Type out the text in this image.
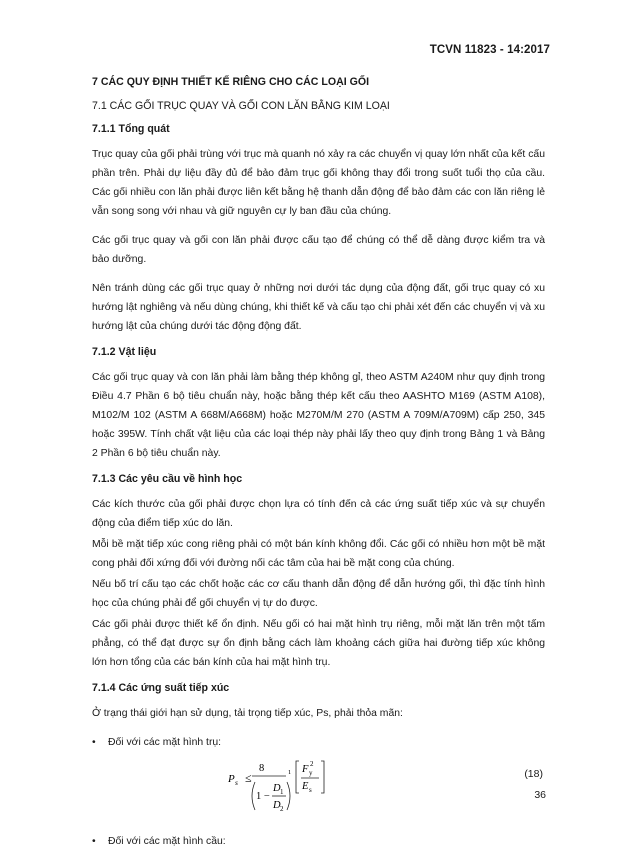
TCVN 11823 - 14:2017
7 CÁC QUY ĐỊNH THIẾT KẾ RIÊNG CHO CÁC LOẠI GỐI
7.1 CÁC GỐI TRỤC QUAY VÀ GỐI CON LĂN BẰNG KIM LOẠI
7.1.1 Tổng quát
Trục quay của gối phải trùng với trục mà quanh nó xảy ra các chuyển vị quay lớn nhất của kết cấu phần trên. Phải dự liệu đầy đủ để bảo đảm trục gối không thay đổi trong suốt tuổi thọ của cầu. Các gối nhiều con lăn phải được liên kết bằng hệ thanh dẫn động để bảo đảm các con lăn riêng lẻ vẫn song song với nhau và giữ nguyên cự ly ban đầu của chúng.
Các gối trục quay và gối con lăn phải được cấu tạo để chúng có thể dễ dàng được kiểm tra và bảo dưỡng.
Nên tránh dùng các gối trục quay ở những nơi dưới tác dụng của động đất, gối trục quay có xu hướng lật nghiêng và nếu dùng chúng, khi thiết kế và cấu tạo chi phải xét đến các chuyển vị và xu hướng lật của chúng dưới tác động động đất.
7.1.2 Vật liệu
Các gối trục quay và con lăn phải làm bằng thép không gỉ, theo ASTM A240M như quy định trong Điều 4.7 Phần 6 bộ tiêu chuẩn này, hoặc bằng thép kết cấu theo AASHTO M169 (ASTM A108), M102/M 102 (ASTM A 668M/A668M) hoặc M270M/M 270 (ASTM A 709M/A709M) cấp 250, 345 hoặc 395W. Tính chất vật liệu của các loại thép này phải lấy theo quy định trong Bảng 1 và Bảng 2 Phần 6 bộ tiêu chuẩn này.
7.1.3 Các yêu cầu về hình học
Các kích thước của gối phải được chọn lựa có tính đến cả các ứng suất tiếp xúc và sự chuyển động của điểm tiếp xúc do lăn.
Mỗi bề mặt tiếp xúc cong riêng phải có một bán kính không đổi. Các gối có nhiều hơn một bề mặt cong phải đối xứng đối với đường nối các tâm của hai bề mặt cong của chúng.
Nếu bố trí cấu tạo các chốt hoặc các cơ cấu thanh dẫn động để dẫn hướng gối, thì đặc tính hình học của chúng phải để gối chuyển vị tự do được.
Các gối phải được thiết kế ổn định. Nếu gối có hai mặt hình trụ riêng, mỗi mặt lăn trên một tấm phẳng, có thể đạt được sự ổn định bằng cách làm khoảng cách giữa hai đường tiếp xúc không lớn hơn tổng của các bán kính của hai mặt hình trụ.
7.1.4 Các ứng suất tiếp xúc
Ở trạng thái giới hạn sử dụng, tải trọng tiếp xúc, Ps, phải thỏa mãn:
• Đối với các mặt hình trụ:
P s ≤
8	1
1 −
D 1
D 2
F y
2
E s
(18)
• Đối với các mặt hình cầu:
36
